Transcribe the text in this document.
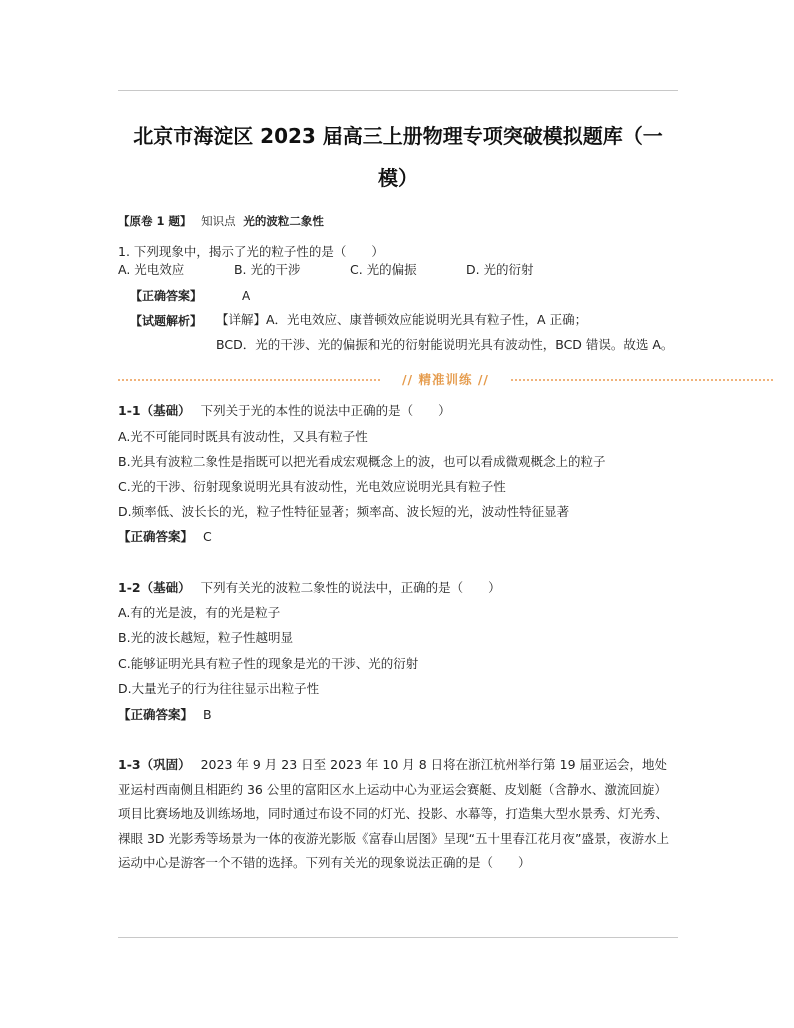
北京市海淀区 2023 届高三上册物理专项突破模拟题库（一
模）
【原卷 1 题】 知识点 光的波粒二象性
1. 下列现象中，揭示了光的粒子性的是（　　）
A. 光电效应	B. 光的干涉	C. 光的偏振	D. 光的衍射
【正确答案】	A
【试题解析】 【详解】A．光电效应、康普顿效应能说明光具有粒子性，A 正确；
BCD．光的干涉、光的偏振和光的衍射能说明光具有波动性，BCD 错误。故选 A。
// 精准训练 //
1-1（基础） 下列关于光的本性的说法中正确的是（　　）
A.光不可能同时既具有波动性，又具有粒子性
B.光具有波粒二象性是指既可以把光看成宏观概念上的波，也可以看成微观概念上的粒子
C.光的干涉、衍射现象说明光具有波动性，光电效应说明光具有粒子性
D.频率低、波长长的光，粒子性特征显著；频率高、波长短的光，波动性特征显著
【正确答案】 C
1-2（基础） 下列有关光的波粒二象性的说法中，正确的是（　　）
A.有的光是波，有的光是粒子
B.光的波长越短，粒子性越明显
C.能够证明光具有粒子性的现象是光的干涉、光的衍射
D.大量光子的行为往往显示出粒子性
【正确答案】 B
1-3（巩固） 2023 年 9 月 23 日至 2023 年 10 月 8 日将在浙江杭州举行第 19 届亚运会，地处亚运村西南侧且相距约 36 公里的富阳区水上运动中心为亚运会赛艇、皮划艇（含静水、激流回旋）项目比赛场地及训练场地，同时通过布设不同的灯光、投影、水幕等，打造集大型水景秀、灯光秀、裸眼 3D 光影秀等场景为一体的夜游光影版《富春山居图》呈现“五十里春江花月夜”盛景，夜游水上运动中心是游客一个不错的选择。下列有关光的现象说法正确的是（　　）
